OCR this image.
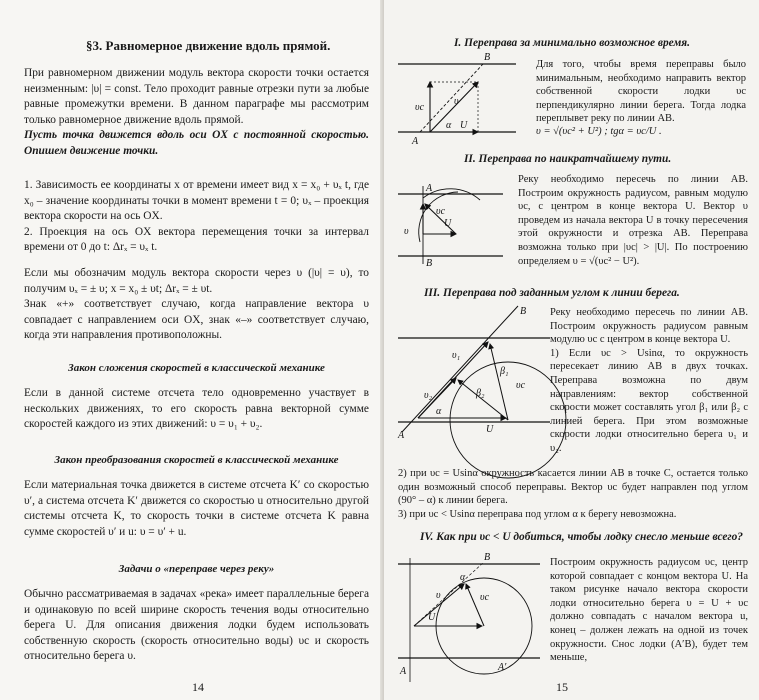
§3. Равномерное движение вдоль прямой.

При равномерном движении модуль вектора скорости точки остается неизменным: |υ| = const. Тело проходит равные отрезки пути за любые равные промежутки времени. В данном параграфе мы рассмотрим только равномерное движение вдоль прямой.

Пусть точка движется вдоль оси OX с постоянной скоростью. Опишем движение точки.

1. Зависимость ее координаты x от времени имеет вид x = x₀ + υₓ t, где x₀ – значение координаты точки в момент времени t = 0; υₓ – проекция вектора скорости на ось OX.

2. Проекция на ось OX вектора перемещения точки за интервал времени от 0 до t: Δrₓ = υₓ t.

Если мы обозначим модуль вектора скорости через υ (|υ| = υ), то получим υₓ = ± υ; x = x₀ ± υt; Δrₓ = ± υt.

Знак «+» соответствует случаю, когда направление вектора υ совпадает с направлением оси OX, знак «–» соответствует случаю, когда эти направления противоположны.

Закон сложения скоростей в классической механике
Если в данной системе отсчета тело одновременно участвует в нескольких движениях, то его скорость равна векторной сумме скоростей каждого из этих движений: υ = υ₁ + υ₂.
Закон преобразования скоростей в классической механике
Если материальная точка движется в системе отсчета K′ со скоростью υ′, а система отсчета K′ движется со скоростью u относительно другой системы отсчета K, то скорость точки в системе отсчета K равна сумме скоростей υ′ и u: υ = υ′ + u.
Задачи о «переправе через реку»
Обычно рассматриваемая в задачах «река» имеет параллельные берега и одинаковую по всей ширине скорость течения воды относительно берега U. Для описания движения лодки будем использовать собственную скорость (скорость относительно воды) υc и скорость относительно берега υ.
14
I. Переправа за минимально возможное время.
B
A
υc
υ
U
α
Для того, чтобы время переправы было минимальным, необходимо направить вектор собственной скорости лодки υc перпендикулярно линии берега. Тогда лодка переплывет реку по линии AB.
υ = √(υc² + U²) ; tgα = υc/U .
II. Переправа по наикратчайшему пути.
A
B
υ
U
υc
Реку необходимо пересечь по линии AB. Построим окружность радиусом, равным модулю υc, с центром в конце вектора U. Вектор υ проведем из начала вектора U в точку пересечения этой окружности и отрезка AB. Переправа возможна только при |υc| > |U|. По построению определяем υ = √(υc² − U²).
III. Переправа под заданным углом к линии берега.
B
A
υ₁
υ₂
β₁
β₂
υc
U
α

Реку необходимо пересечь по линии AB. Построим окружность радиусом равным модулю υc с центром в конце вектора U.

1) Если υc > Usinα, то окружность пересекает линию AB в двух точках. Переправа возможна по двум направлениям: вектор собственной скорости может составлять угол β₁ или β₂ с линией берега. При этом возможные скорости лодки относительно берега υ₁ и υ₂.

2) при υc = Usinα окружность касается линии AB в точке C, остается только один возможный способ переправы. Вектор υc будет направлен под углом (90° – α) к линии берега.

3) при υc < Usinα переправа под углом α к берегу невозможна.

IV. Как при υc < U добиться, чтобы лодку снесло меньше всего?
B
A
U
υ	υc
α
A′
Построим окружность радиусом υc, центр которой совпадает с концом вектора U. На таком рисунке начало вектора скорости лодки относительно берега υ = U + υc должно совпадать с началом вектора u, конец – должен лежать на одной из точек окружности. Снос лодки (A′B), будет тем меньше,
15
